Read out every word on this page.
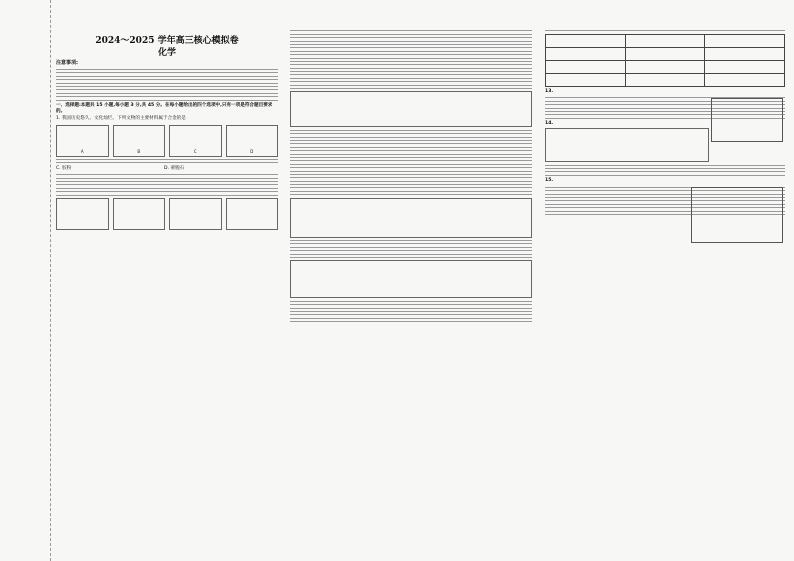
2024～2025 学年高三核心模拟卷
化学
注意事项:
一、选择题:本题共 15 小题,每小题 3 分,共 45 分。在每小题给出的四个选项中,只有一项是符合题目要求的。
1. 我国历史悠久、文化灿烂。下列文物的主要材料属于合金的是
A	B	C	D
C. 胶粉	D. 蒙脱石

13.
14.
15.
